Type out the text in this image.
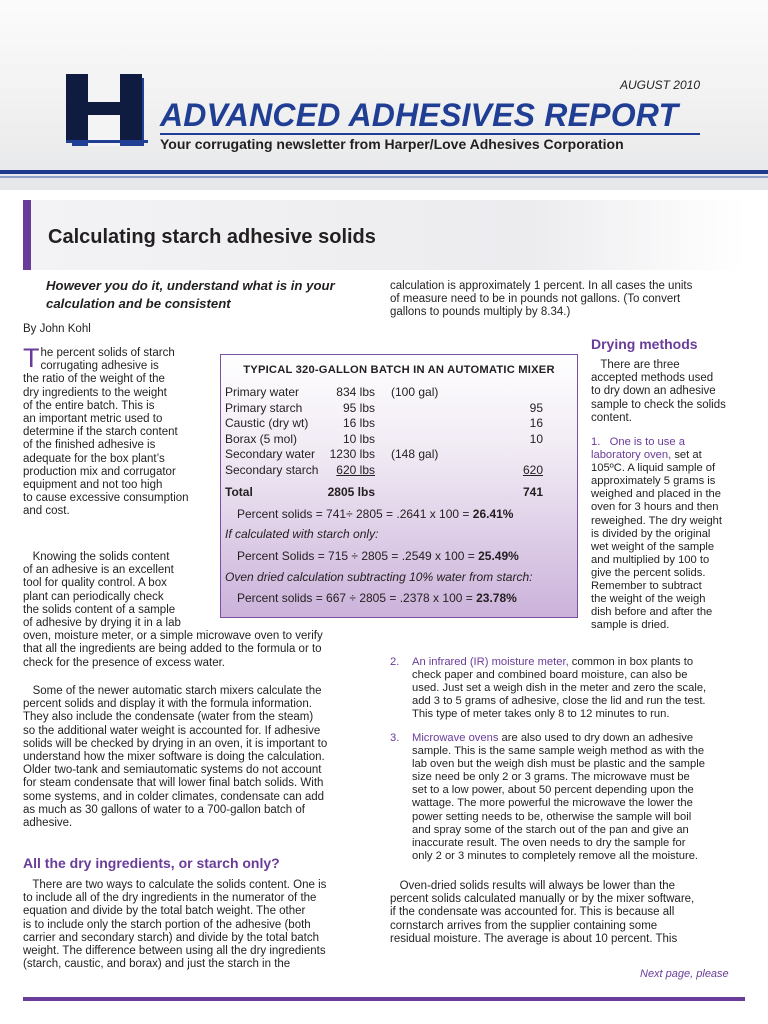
AUGUST 2010
ADVANCED ADHESIVES REPORT
Your corrugating newsletter from Harper/Love Adhesives Corporation
Calculating starch adhesive solids
However you do it, understand what is in your calculation and be consistent
By John Kohl
T he percent solids of starch
corrugating adhesive is
the ratio of the weight of the
dry ingredients to the weight
of the entire batch. This is
an important metric used to
determine if the starch content
of the finished adhesive is
adequate for the box plant’s
production mix and corrugator
equipment and not too high
to cause excessive consumption
and cost.
Knowing the solids content
of an adhesive is an excellent
tool for quality control. A box
plant can periodically check
the solids content of a sample
of adhesive by drying it in a lab
oven, moisture meter, or a simple microwave oven to verify
that all the ingredients are being added to the formula or to
check for the presence of excess water.
Some of the newer automatic starch mixers calculate the
percent solids and display it with the formula information.
They also include the condensate (water from the steam)
so the additional water weight is accounted for. If adhesive
solids will be checked by drying in an oven, it is important to
understand how the mixer software is doing the calculation.
Older two-tank and semiautomatic systems do not account
for steam condensate that will lower final batch solids. With
some systems, and in colder climates, condensate can add
as much as 30 gallons of water to a 700-gallon batch of
adhesive.
All the dry ingredients, or starch only?
There are two ways to calculate the solids content. One is
to include all of the dry ingredients in the numerator of the
equation and divide by the total batch weight. The other
is to include only the starch portion of the adhesive (both
carrier and secondary starch) and divide by the total batch
weight. The difference between using all the dry ingredients
(starch, caustic, and borax) and just the starch in the
calculation is approximately 1 percent. In all cases the units
of measure need to be in pounds not gallons. (To convert
gallons to pounds multiply by 8.34.)
Drying methods
There are three
accepted methods used
to dry down an adhesive
sample to check the solids
content.
1. One is to use a
laboratory oven, set at
105ºC. A liquid sample of
approximately 5 grams is
weighed and placed in the
oven for 3 hours and then
reweighed. The dry weight
is divided by the original
wet weight of the sample
and multiplied by 100 to
give the percent solids.
Remember to subtract
the weight of the weigh
dish before and after the
sample is dried.
2. An infrared (IR) moisture meter, common in box plants to
check paper and combined board moisture, can also be
used. Just set a weigh dish in the meter and zero the scale,
add 3 to 5 grams of adhesive, close the lid and run the test.
This type of meter takes only 8 to 12 minutes to run.
3. Microwave ovens are also used to dry down an adhesive
sample. This is the same sample weigh method as with the
lab oven but the weigh dish must be plastic and the sample
size need be only 2 or 3 grams. The microwave must be
set to a low power, about 50 percent depending upon the
wattage. The more powerful the microwave the lower the
power setting needs to be, otherwise the sample will boil
and spray some of the starch out of the pan and give an
inaccurate result. The oven needs to dry the sample for
only 2 or 3 minutes to completely remove all the moisture.
Oven-dried solids results will always be lower than the
percent solids calculated manually or by the mixer software,
if the condensate was accounted for. This is because all
cornstarch arrives from the supplier containing some
residual moisture. The average is about 10 percent. This
TYPICAL 320-GALLON BATCH IN AN AUTOMATIC MIXER
Primary water	834 lbs (100 gal)
Primary starch	95 lbs	95
Caustic (dry wt)	16 lbs	16
Borax (5 mol)	10 lbs	10
Secondary water	1230 lbs (148 gal)
Secondary starch	620 lbs	620
Total	2805 lbs	741
Percent solids = 741÷ 2805 = .2641 x 100 = 26.41%
If calculated with starch only:
Percent Solids = 715 ÷ 2805 = .2549 x 100 = 25.49%
Oven dried calculation subtracting 10% water from starch:
Percent solids = 667 ÷ 2805 = .2378 x 100 = 23.78%
Next page, please
